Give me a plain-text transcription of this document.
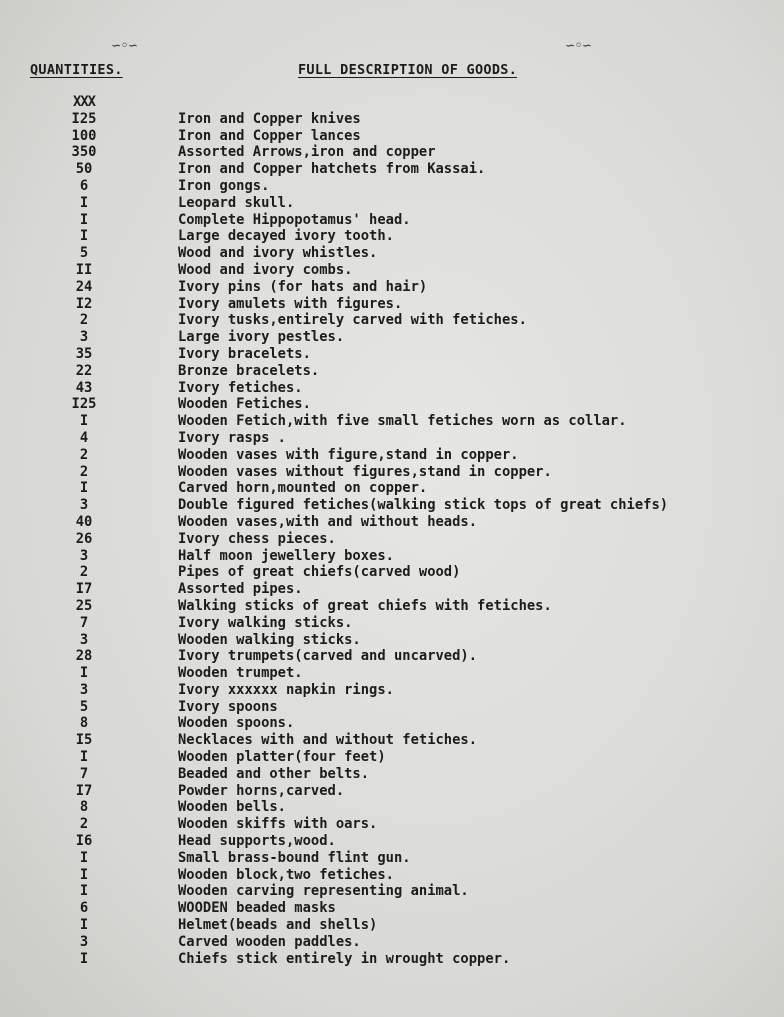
∽◦∽	∽◦∽
QUANTITIES.	FULL DESCRIPTION OF GOODS.
XXX
I25	Iron and Copper knives
100	Iron and Copper lances
350	Assorted Arrows,iron and copper
50	Iron and Copper hatchets from Kassai.
6	Iron gongs.
I	Leopard skull.
I	Complete Hippopotamus' head.
I	Large decayed ivory tooth.
5	Wood and ivory whistles.
II	Wood and ivory combs.
24	Ivory pins (for hats and hair)
I2	Ivory amulets with figures.
2	Ivory tusks,entirely carved with fetiches.
3	Large ivory pestles.
35	Ivory bracelets.
22	Bronze bracelets.
43	Ivory fetiches.
I25	Wooden Fetiches.
I	Wooden Fetich,with five small fetiches worn as collar.
4	Ivory rasps .
2	Wooden vases with figure,stand in copper.
2	Wooden vases without figures,stand in copper.
I	Carved horn,mounted on copper.
3	Double figured fetiches(walking stick tops of great chiefs)
40	Wooden vases,with and without heads.
26	Ivory chess pieces.
3	Half moon jewellery boxes.
2	Pipes of great chiefs(carved wood)
I7	Assorted pipes.
25	Walking sticks of great chiefs with fetiches.
7	Ivory walking sticks.
3	Wooden walking sticks.
28	Ivory trumpets(carved and uncarved).
I	Wooden trumpet.
3	Ivory xxxxxx napkin rings.
5	Ivory spoons
8	Wooden spoons.
I5	Necklaces with and without fetiches.
I	Wooden platter(four feet)
7	Beaded and other belts.
I7	Powder horns,carved.
8	Wooden bells.
2	Wooden skiffs with oars.
I6	Head supports,wood.
I	Small brass-bound flint gun.
I	Wooden block,two fetiches.
I	Wooden carving representing animal.
6	WOODEN beaded masks
I	Helmet(beads and shells)
3	Carved wooden paddles.
I	Chiefs stick entirely in wrought copper.
